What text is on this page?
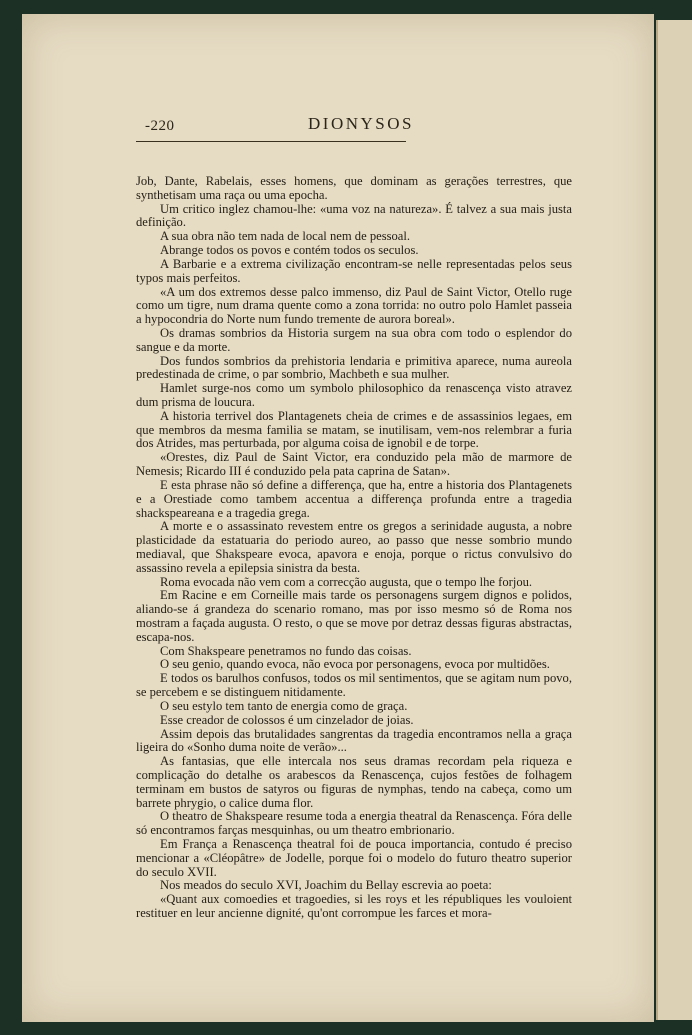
-220	DIONYSOS

Job, Dante, Rabelais, esses homens, que dominam as gerações terrestres, que synthetisam uma raça ou uma epocha.

Um critico inglez chamou-lhe: «uma voz na natureza». É talvez a sua mais justa definição.

A sua obra não tem nada de local nem de pessoal.

Abrange todos os povos e contém todos os seculos.

A Barbarie e a extrema civilização encontram-se nelle representadas pelos seus typos mais perfeitos.

«A um dos extremos desse palco immenso, diz Paul de Saint Victor, Otello ruge como um tigre, num drama quente como a zona torrida: no outro polo Hamlet passeia a hypocondria do Norte num fundo tremente de aurora boreal».

Os dramas sombrios da Historia surgem na sua obra com todo o esplendor do sangue e da morte.

Dos fundos sombrios da prehistoria lendaria e primitiva aparece, numa aureola predestinada de crime, o par sombrio, Machbeth e sua mulher.

Hamlet surge-nos como um symbolo philosophico da renascença visto atravez dum prisma de loucura.

A historia terrivel dos Plantagenets cheia de crimes e de assassinios legaes, em que membros da mesma familia se matam, se inutilisam, vem-nos relembrar a furia dos Atrides, mas perturbada, por alguma coisa de ignobil e de torpe.

«Orestes, diz Paul de Saint Victor, era conduzido pela mão de marmore de Nemesis; Ricardo III é conduzido pela pata caprina de Satan».

E esta phrase não só define a differença, que ha, entre a historia dos Plantagenets e a Orestiade como tambem accentua a differença profunda entre a tragedia shackspeareana e a tragedia grega.

A morte e o assassinato revestem entre os gregos a serinidade augusta, a nobre plasticidade da estatuaria do periodo aureo, ao passo que nesse sombrio mundo mediaval, que Shakspeare evoca, apavora e enoja, porque o rictus convulsivo do assassino revela a epilepsia sinistra da besta.

Roma evocada não vem com a correcção augusta, que o tempo lhe forjou.

Em Racine e em Corneille mais tarde os personagens surgem dignos e polidos, aliando-se á grandeza do scenario romano, mas por isso mesmo só de Roma nos mostram a façada augusta. O resto, o que se move por detraz dessas figuras abstractas, escapa-nos.

Com Shakspeare penetramos no fundo das coisas.

O seu genio, quando evoca, não evoca por personagens, evoca por multidões.

E todos os barulhos confusos, todos os mil sentimentos, que se agitam num povo, se percebem e se distinguem nitidamente.

O seu estylo tem tanto de energia como de graça.

Esse creador de colossos é um cinzelador de joias.

Assim depois das brutalidades sangrentas da tragedia encontramos nella a graça ligeira do «Sonho duma noite de verão»...

As fantasias, que elle intercala nos seus dramas recordam pela riqueza e complicação do detalhe os arabescos da Renascença, cujos festões de folhagem terminam em bustos de satyros ou figuras de nymphas, tendo na cabeça, como um barrete phrygio, o calice duma flor.

O theatro de Shakspeare resume toda a energia theatral da Renascença. Fóra delle só encontramos farças mesquinhas, ou um theatro embrionario.

Em França a Renascença theatral foi de pouca importancia, contudo é preciso mencionar a «Cléopâtre» de Jodelle, porque foi o modelo do futuro theatro superior do seculo XVII.

Nos meados do seculo XVI, Joachim du Bellay escrevia ao poeta:

«Quant aux comoedies et tragoedies, si les roys et les républiques les vouloient restituer en leur ancienne dignité, qu'ont corrompue les farces et mora-
